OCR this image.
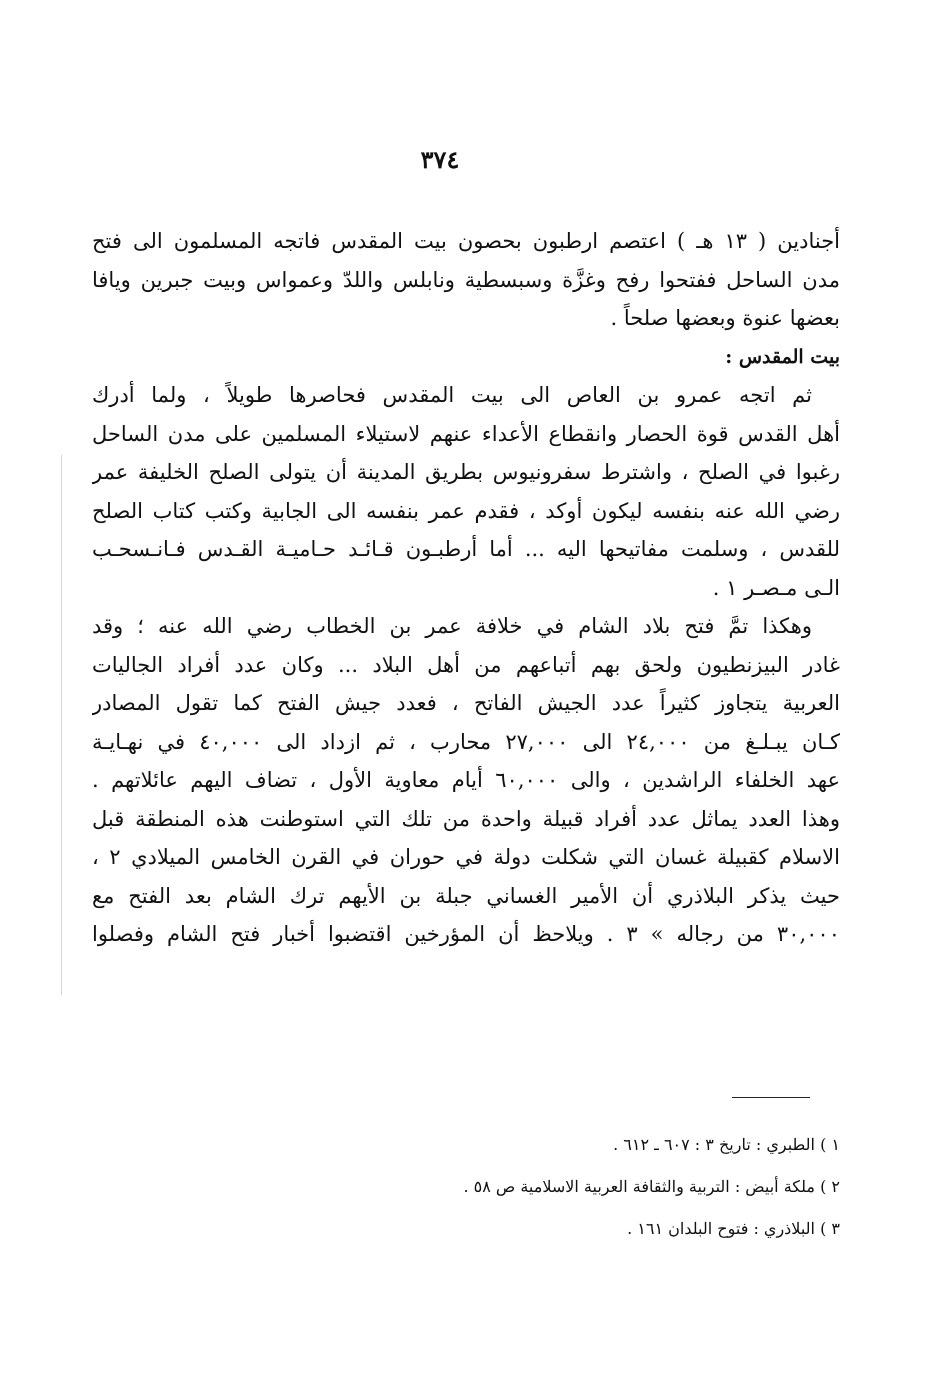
٣٧٤
أجنادين ( ١٣ هـ ) اعتصم ارطبون بحصون بيت المقدس فاتجه المسلمون الى فتح
مدن الساحل ففتحوا رفح وغزَّة وسبسطية ونابلس واللدّ وعمواس وبيت جبرين ويافا
بعضها عنوة وبعضها صلحاً .
بيت المقدس :
ثم اتجه عمرو بن العاص الى بيت المقدس فحاصرها طويلاً ، ولما أدرك
أهل القدس قوة الحصار وانقطاع الأعداء عنهم لاستيلاء المسلمين على مدن الساحل
رغبوا في الصلح ، واشترط سفرونيوس بطريق المدينة أن يتولى الصلح الخليفة عمر
رضي الله عنه بنفسه ليكون أوكد ، فقدم عمر بنفسه الى الجابية وكتب كتاب الصلح
للقدس ، وسلمت مفاتيحها اليه ... أما أرطبـون قـائـد حـاميـة القـدس فـانـسحـب
الـى مـصـر ١ .
وهكذا تمَّ فتح بلاد الشام في خلافة عمر بن الخطاب رضي الله عنه ؛ وقد
غادر البيزنطيون ولحق بهم أتباعهم من أهل البلاد ... وكان عدد أفراد الجاليات
العربية يتجاوز كثيراً عدد الجيش الفاتح ، فعدد جيش الفتح كما تقول المصادر
كـان يبـلـغ من ٢٤,٠٠٠ الى ٢٧,٠٠٠ محارب ، ثم ازداد الى ٤٠,٠٠٠ في نهـايـة
عهد الخلفاء الراشدين ، والى ٦٠,٠٠٠ أيام معاوية الأول ، تضاف اليهم عائلاتهم .
وهذا العدد يماثل عدد أفراد قبيلة واحدة من تلك التي استوطنت هذه المنطقة قبل
الاسلام كقبيلة غسان التي شكلت دولة في حوران في القرن الخامس الميلادي ٢ ،
حيث يذكر البلاذري أن الأمير الغساني جبلة بن الأيهم ترك الشام بعد الفتح مع
٣٠,٠٠٠ من رجاله » ٣ . ويلاحظ أن المؤرخين اقتضبوا أخبار فتح الشام وفصلوا
١ ) الطبري : تاريخ ٣ : ٦٠٧ ـ ٦١٢ .
٢ ) ملكة أبيض : التربية والثقافة العربية الاسلامية ص ٥٨ .
٣ ) البلاذري : فتوح البلدان ١٦١ .
